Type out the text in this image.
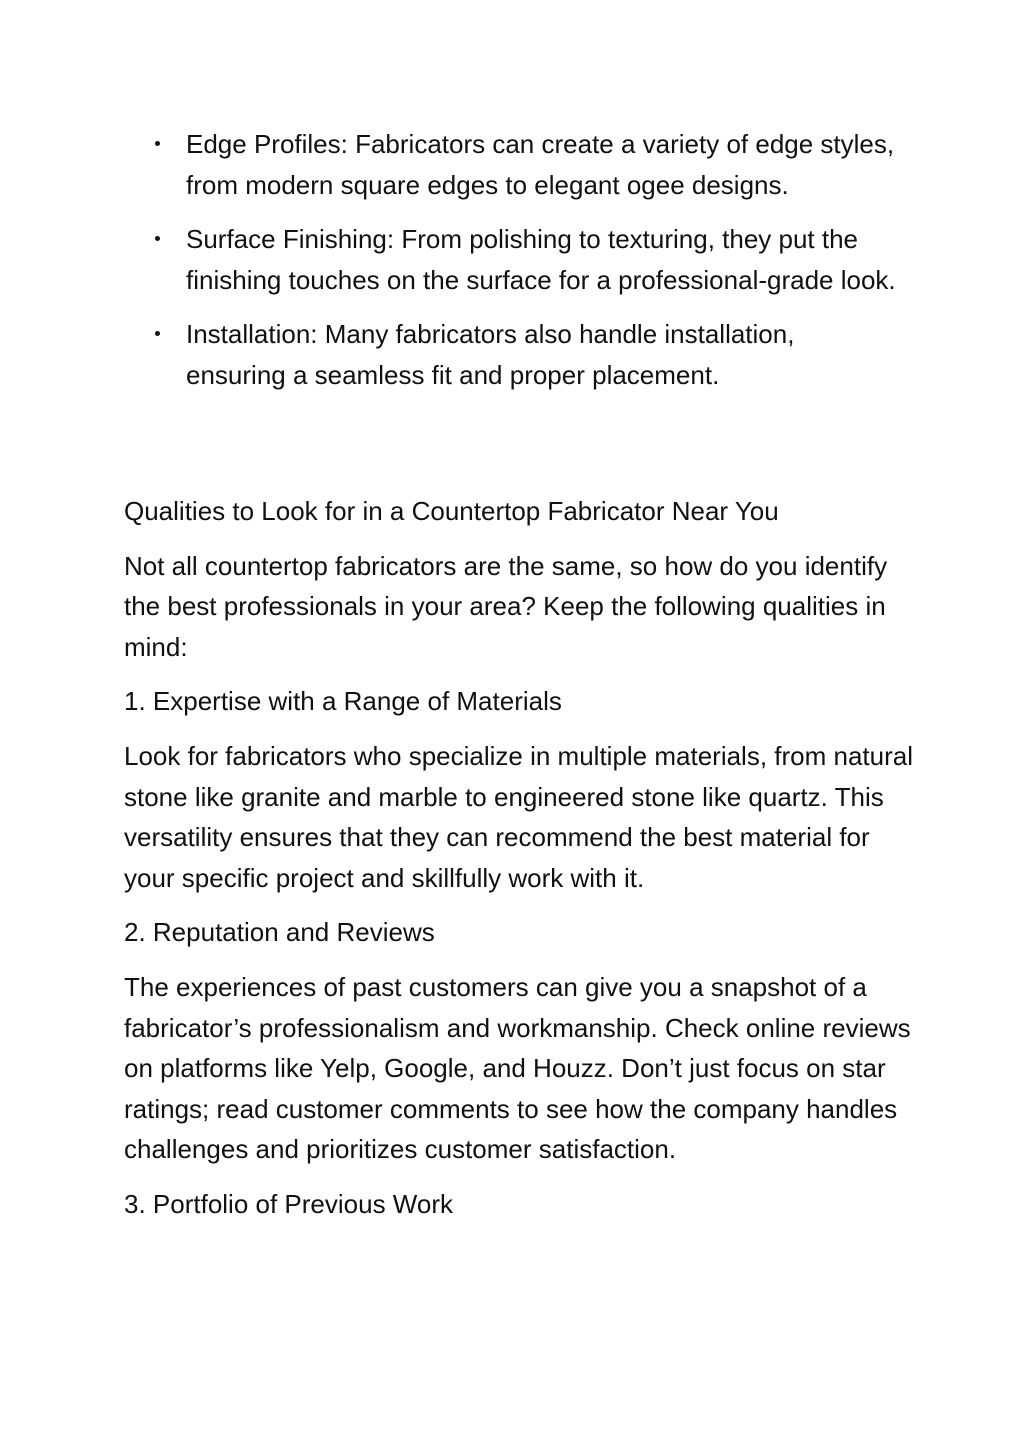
Edge Profiles: Fabricators can create a variety of edge styles, from modern square edges to elegant ogee designs.
Surface Finishing: From polishing to texturing, they put the finishing touches on the surface for a professional-grade look.
Installation: Many fabricators also handle installation, ensuring a seamless fit and proper placement.

Qualities to Look for in a Countertop Fabricator Near You

Not all countertop fabricators are the same, so how do you identify the best professionals in your area? Keep the following qualities in mind:

1. Expertise with a Range of Materials

Look for fabricators who specialize in multiple materials, from natural stone like granite and marble to engineered stone like quartz. This versatility ensures that they can recommend the best material for your specific project and skillfully work with it.

2. Reputation and Reviews

The experiences of past customers can give you a snapshot of a fabricator’s professionalism and workmanship. Check online reviews on platforms like Yelp, Google, and Houzz. Don’t just focus on star ratings; read customer comments to see how the company handles challenges and prioritizes customer satisfaction.

3. Portfolio of Previous Work
